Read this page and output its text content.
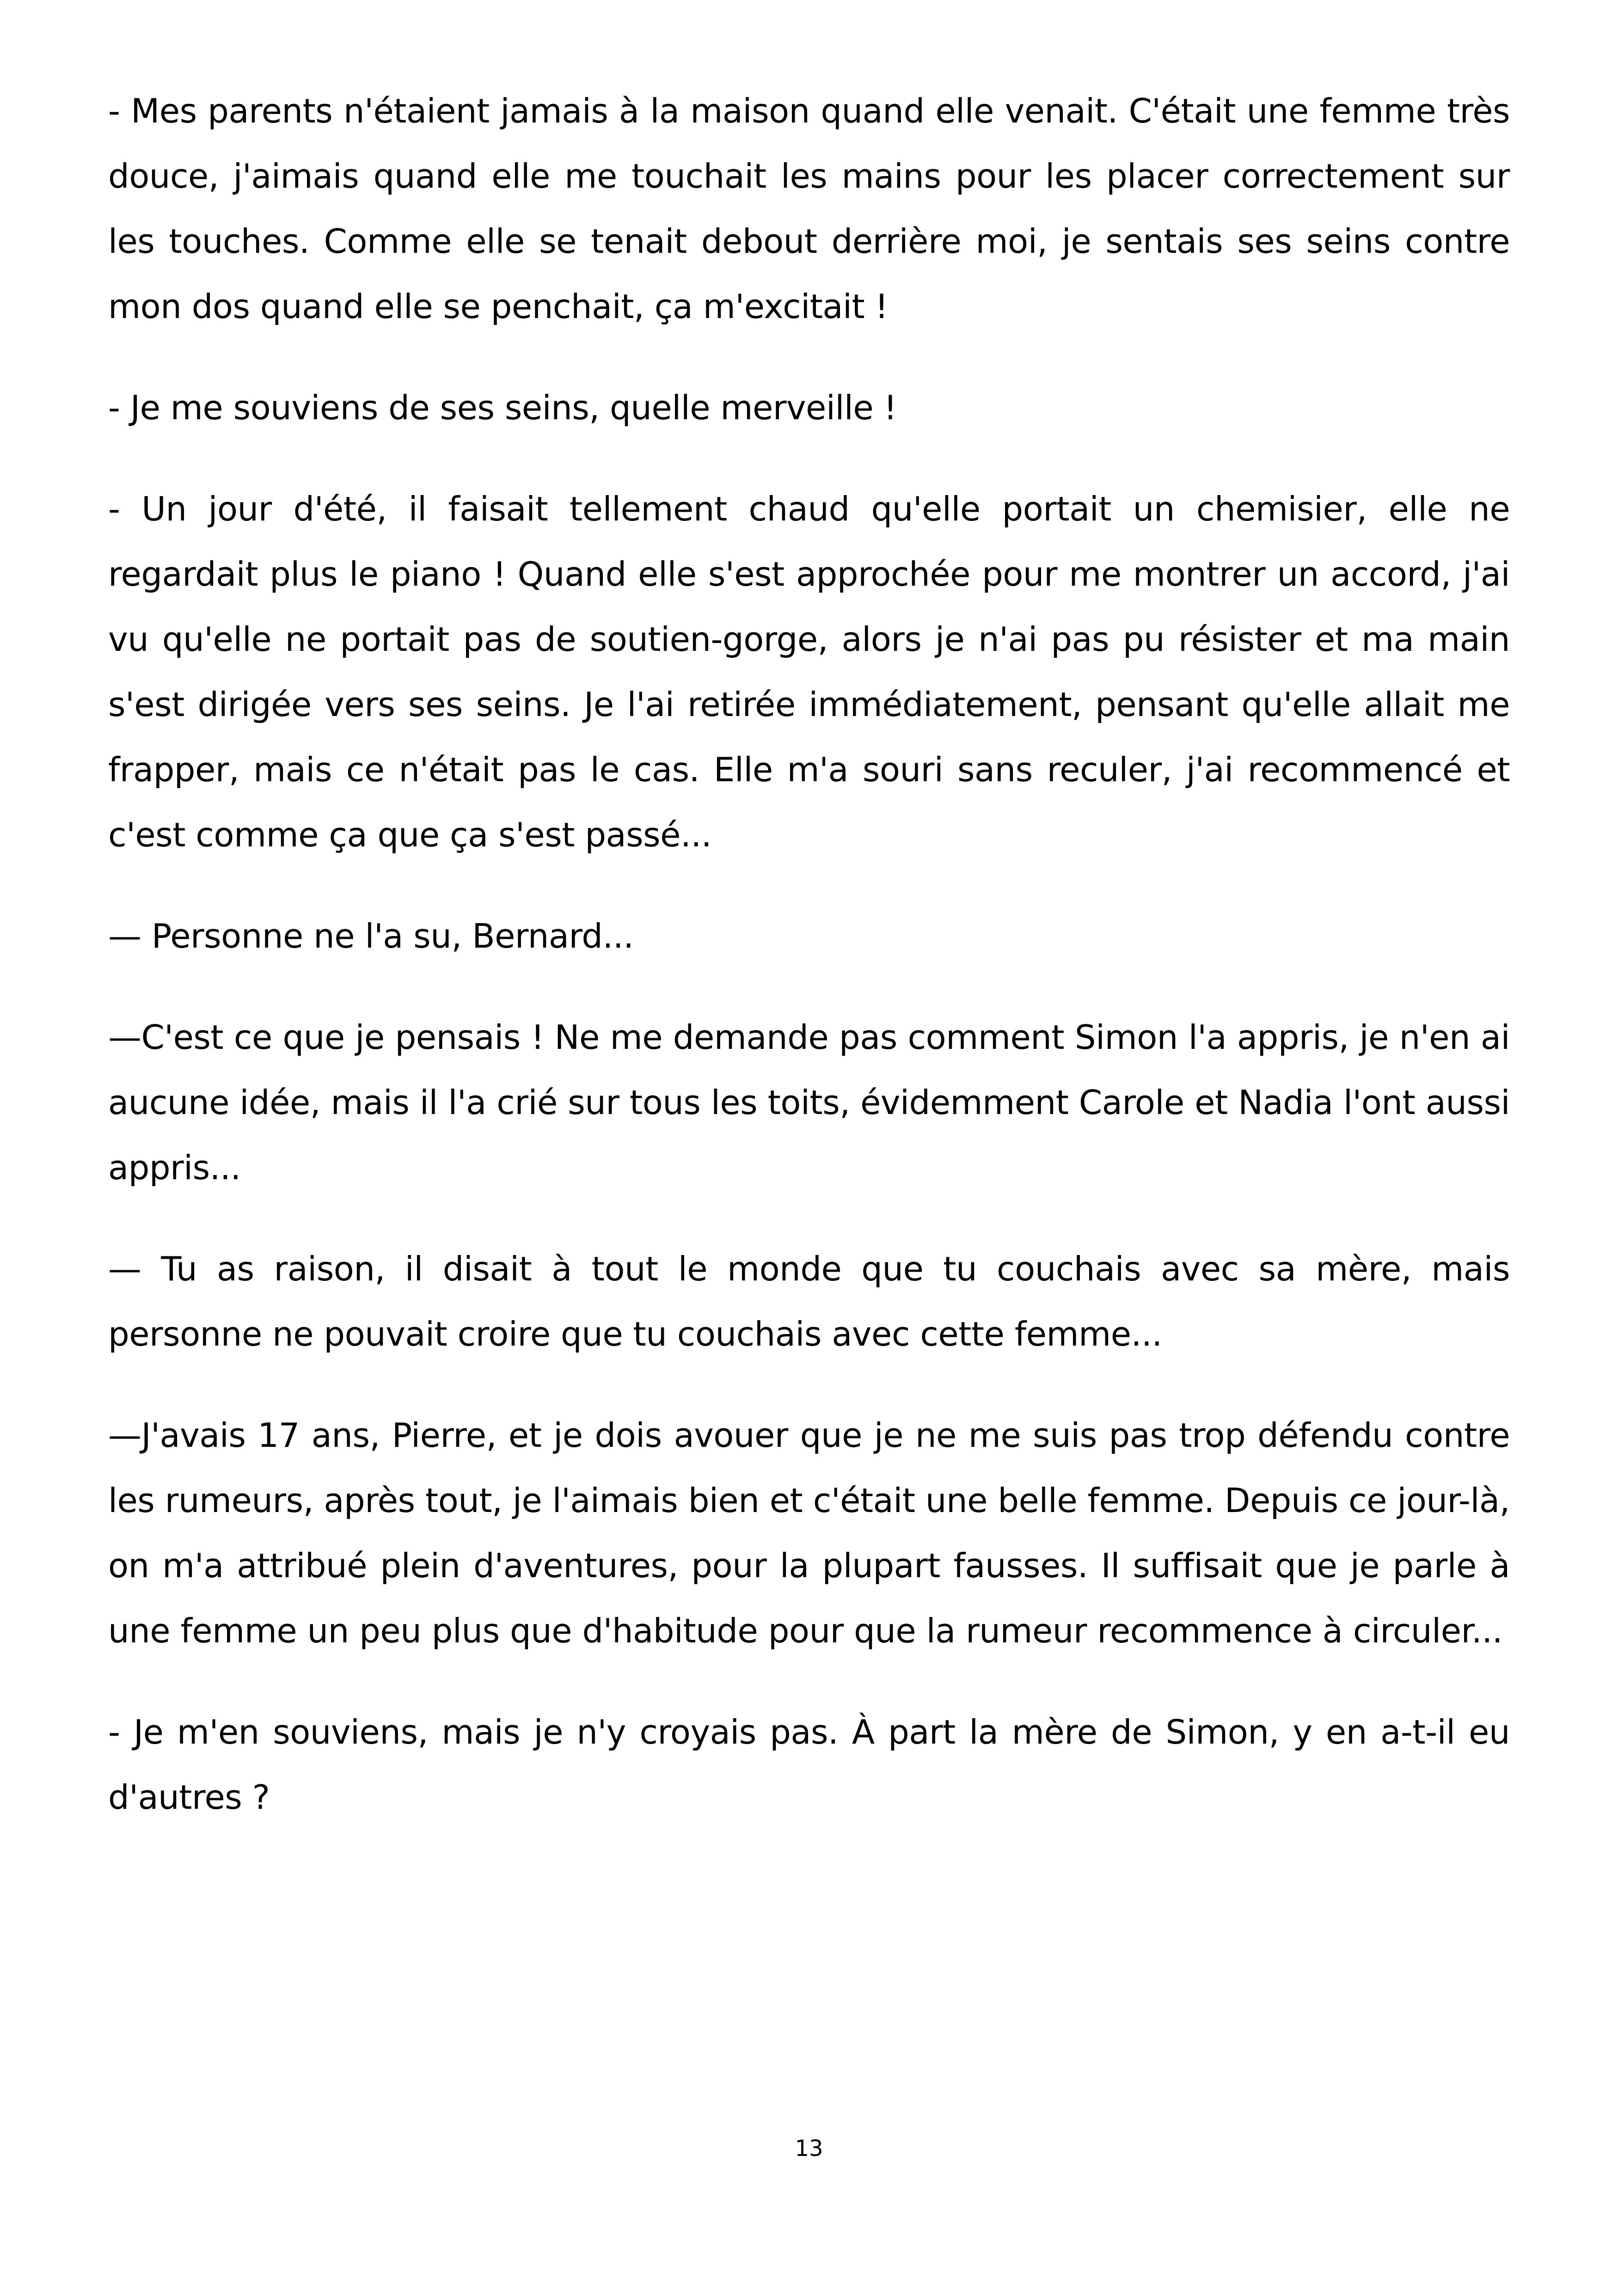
- Mes parents n'étaient jamais à la maison quand elle venait. C'était une femme très douce, j'aimais quand elle me touchait les mains pour les placer correctement sur les touches. Comme elle se tenait debout derrière moi, je sentais ses seins contre mon dos quand elle se penchait, ça m'excitait !

- Je me souviens de ses seins, quelle merveille !

- Un jour d'été, il faisait tellement chaud qu'elle portait un chemisier, elle ne regardait plus le piano ! Quand elle s'est approchée pour me montrer un accord, j'ai vu qu'elle ne portait pas de soutien-gorge, alors je n'ai pas pu résister et ma main s'est dirigée vers ses seins. Je l'ai retirée immédiatement, pensant qu'elle allait me frapper, mais ce n'était pas le cas. Elle m'a souri sans reculer, j'ai recommencé et c'est comme ça que ça s'est passé...

— Personne ne l'a su, Bernard...

—C'est ce que je pensais ! Ne me demande pas comment Simon l'a appris, je n'en ai aucune idée, mais il l'a crié sur tous les toits, évidemment Carole et Nadia l'ont aussi appris...

— Tu as raison, il disait à tout le monde que tu couchais avec sa mère, mais personne ne pouvait croire que tu couchais avec cette femme...

—J'avais 17 ans, Pierre, et je dois avouer que je ne me suis pas trop défendu contre les rumeurs, après tout, je l'aimais bien et c'était une belle femme. Depuis ce jour-là, on m'a attribué plein d'aventures, pour la plupart fausses. Il suffisait que je parle à une femme un peu plus que d'habitude pour que la rumeur recommence à circuler...

- Je m'en souviens, mais je n'y croyais pas. À part la mère de Simon, y en a-t-il eu d'autres ?

13
